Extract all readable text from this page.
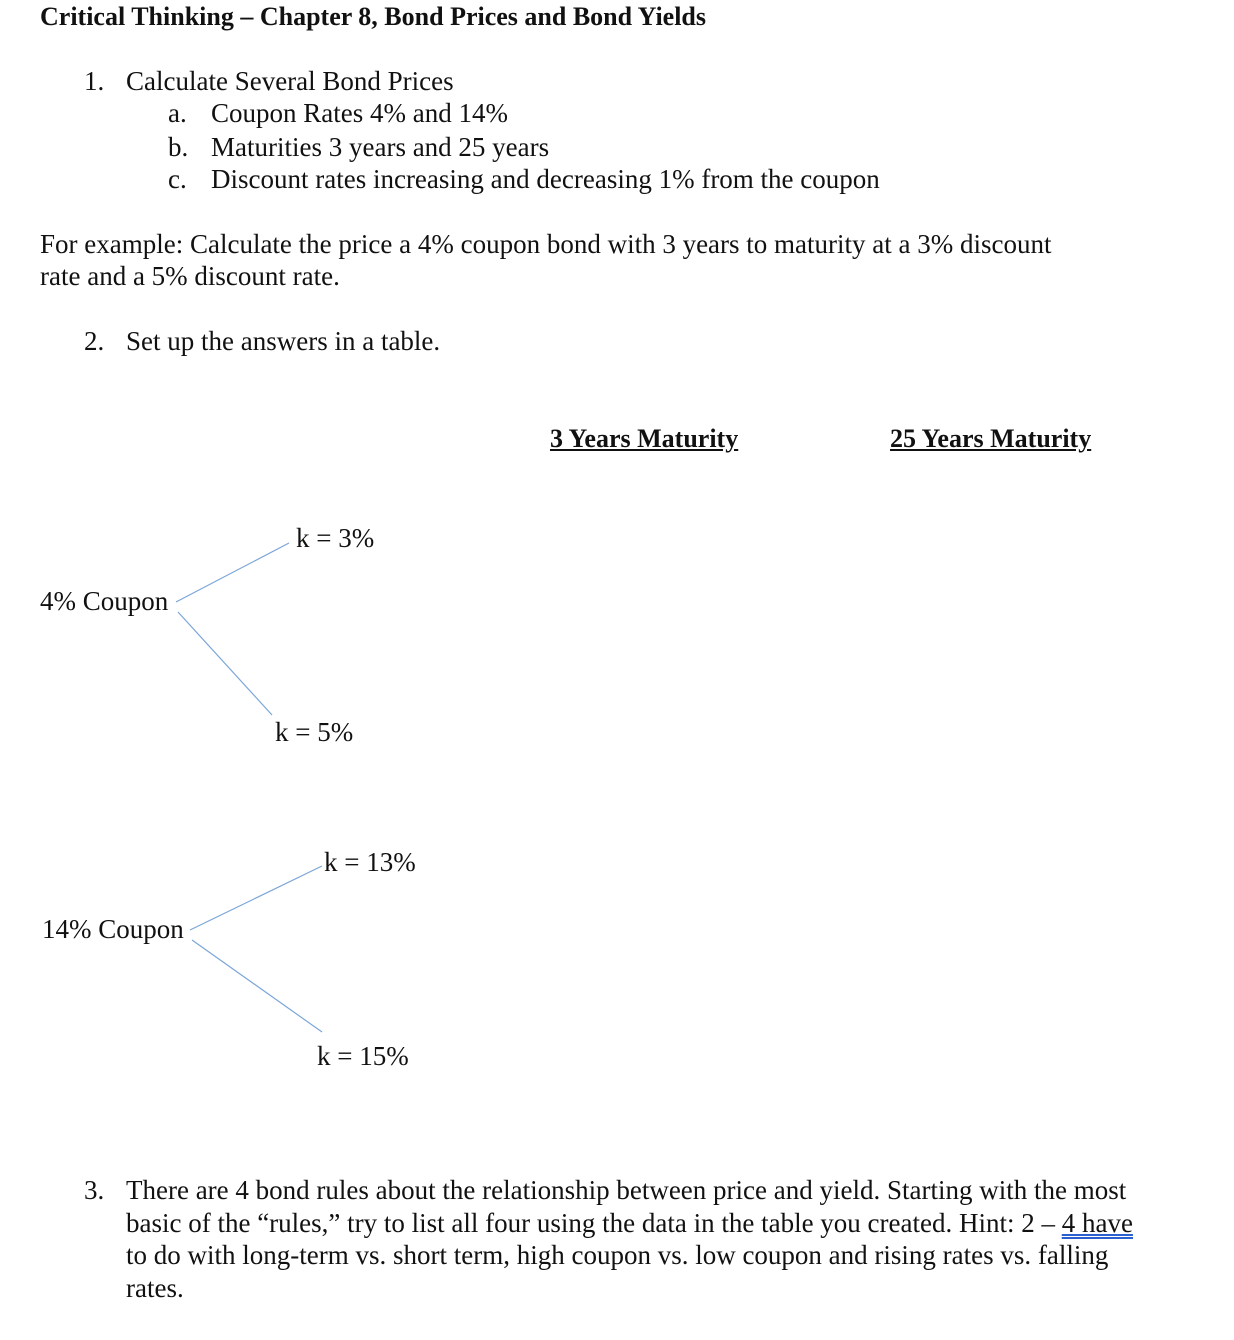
Critical Thinking – Chapter 8, Bond Prices and Bond Yields
1. Calculate Several Bond Prices
a. Coupon Rates 4% and 14%
b. Maturities 3 years and 25 years
c. Discount rates increasing and decreasing 1% from the coupon
For example: Calculate the price a 4% coupon bond with 3 years to maturity at a 3% discount
rate and a 5% discount rate.
2. Set up the answers in a table.
3 Years Maturity	25 Years Maturity
4% Coupon
k = 3%
k = 5%
14% Coupon
k = 13%
k = 15%
3. There are 4 bond rules about the relationship between price and yield. Starting with the most basic of the “rules,” try to list all four using the data in the table you created. Hint: 2 – 4 have to do with long-term vs. short term, high coupon vs. low coupon and rising rates vs. falling rates.
